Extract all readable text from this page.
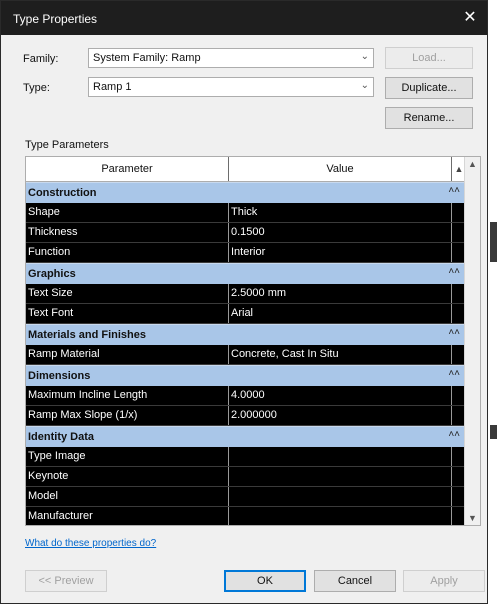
Type Properties	✕
Family:	System Family: Ramp	⌄	Load...
Type:	Ramp 1	⌄	Duplicate...
Rename...
Type Parameters
Parameter	Value	▲
Construction	˄˄
Shape	Thick
Thickness	0.1500
Function	Interior
Graphics	˄˄
Text Size	2.5000 mm
Text Font	Arial
Materials and Finishes	˄˄
Ramp Material	Concrete, Cast In Situ
Dimensions	˄˄
Maximum Incline Length	4.0000
Ramp Max Slope (1/x)	2.000000
Identity Data	˄˄
Type Image
Keynote
Model
Manufacturer
▲
▼
What do these properties do?
<< Preview	OK	Cancel	Apply
